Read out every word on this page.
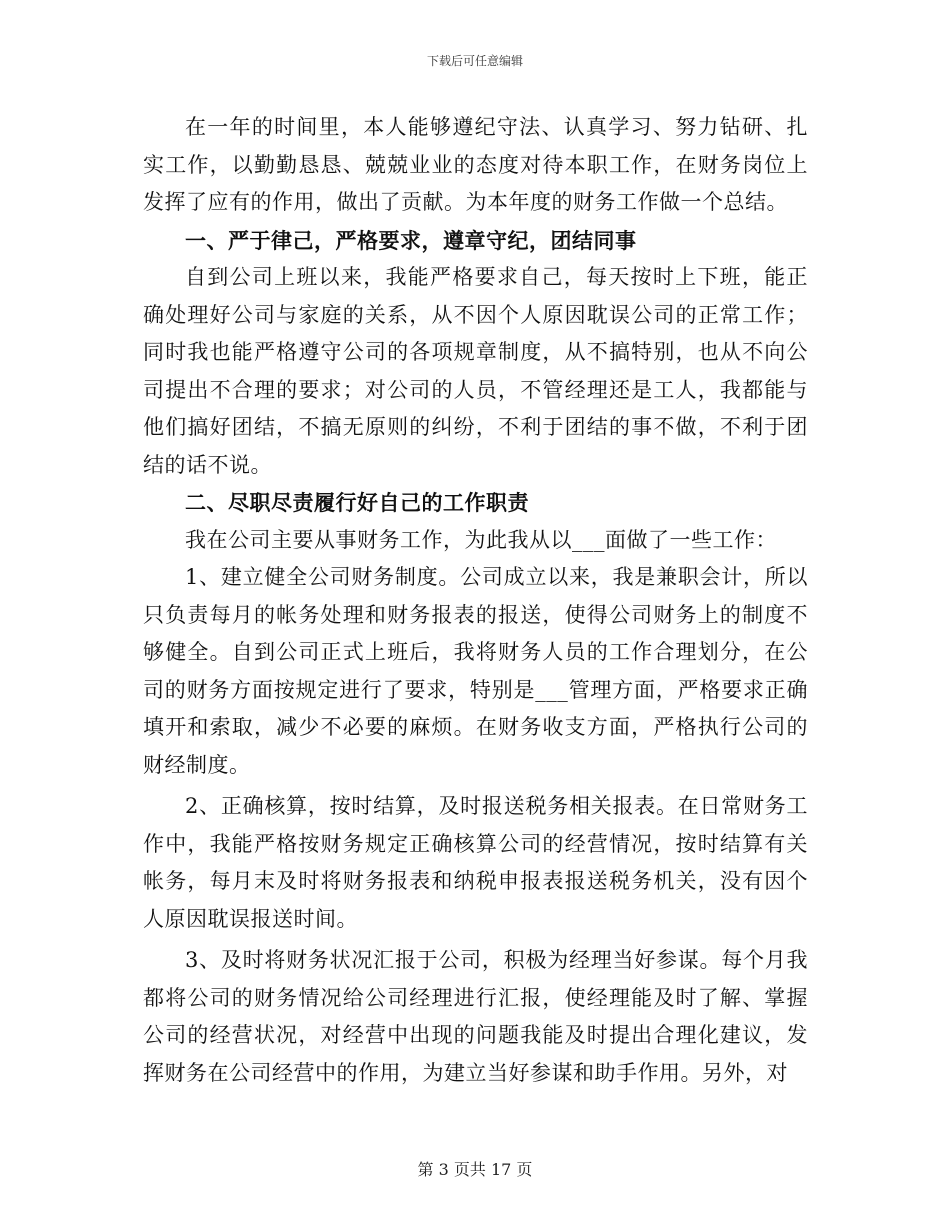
下载后可任意编辑

在一年的时间里，本人能够遵纪守法、认真学习、努力钻研、扎实工作，以勤勤恳恳、兢兢业业的态度对待本职工作，在财务岗位上发挥了应有的作用，做出了贡献。为本年度的财务工作做一个总结。

一、严于律己，严格要求，遵章守纪，团结同事

自到公司上班以来，我能严格要求自己，每天按时上下班，能正确处理好公司与家庭的关系，从不因个人原因耽误公司的正常工作；同时我也能严格遵守公司的各项规章制度，从不搞特别，也从不向公司提出不合理的要求；对公司的人员，不管经理还是工人，我都能与他们搞好团结，不搞无原则的纠纷，不利于团结的事不做，不利于团结的话不说。

二、尽职尽责履行好自己的工作职责

我在公司主要从事财务工作，为此我从以___面做了一些工作：

1、建立健全公司财务制度。公司成立以来，我是兼职会计，所以只负责每月的帐务处理和财务报表的报送，使得公司财务上的制度不够健全。自到公司正式上班后，我将财务人员的工作合理划分，在公司的财务方面按规定进行了要求，特别是___管理方面，严格要求正确填开和索取，减少不必要的麻烦。在财务收支方面，严格执行公司的财经制度。

2、正确核算，按时结算，及时报送税务相关报表。在日常财务工作中，我能严格按财务规定正确核算公司的经营情况，按时结算有关帐务，每月末及时将财务报表和纳税申报表报送税务机关，没有因个人原因耽误报送时间。

3、及时将财务状况汇报于公司，积极为经理当好参谋。每个月我都将公司的财务情况给公司经理进行汇报，使经理能及时了解、掌握公司的经营状况，对经营中出现的问题我能及时提出合理化建议，发挥财务在公司经营中的作用，为建立当好参谋和助手作用。另外，对

第 3 页共 17 页
